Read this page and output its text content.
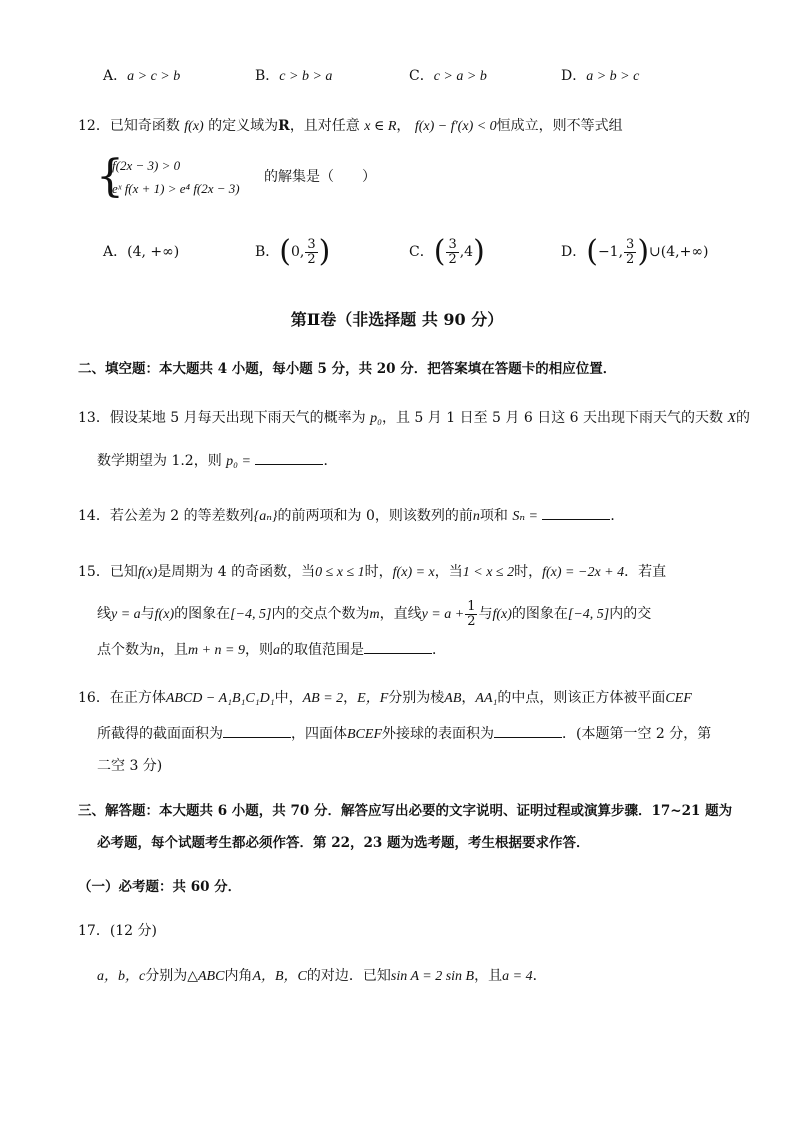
A．a > c > b	B．c > b > a	C．c > a > b	D．a > b > c
12．已知奇函数 f(x) 的定义域为R，且对任意 x ∈ R， f(x) − f′(x) < 0恒成立，则不等式组
{
f(2x − 3) > 0
eˣ f(x + 1) > e⁴ f(2x − 3)
的解集是（　　）
A．(4, +∞)	B．(0, $\frac{3}{2}$ )	C．( $\frac{3}{2} ,4$)	D．(−1, $\frac{3}{2}$ )∪(4,+∞)
第Ⅱ卷（非选择题 共 90 分）
二、填空题：本大题共 4 小题，每小题 5 分，共 20 分．把答案填在答题卡的相应位置．
13．假设某地 5 月每天出现下雨天气的概率为 p₀，且 5 月 1 日至 5 月 6 日这 6 天出现下雨天气的天数 X的
数学期望为 1.2，则 p₀ =	．
14．若公差为 2 的等差数列{aₙ}的前两项和为 0，则该数列的前n项和 Sₙ =	．
15．已知f(x)是周期为 4 的奇函数，当0 ≤ x ≤ 1时，f(x) = x，当1 < x ≤ 2时，f(x) = −2x + 4．若直
线y = a与f(x)的图象在[−4, 5]内的交点个数为m，直线$y = a + \frac{1}{2}$ 与f(x)的图象在[−4, 5]内的交
点个数为n，且m + n = 9，则a的取值范围是	．
16．在正方体ABCD − A₁B₁C₁D₁中，AB = 2，E，F分别为棱AB，AA₁的中点，则该正方体被平面CEF
所截得的截面面积为	，四面体BCEF外接球的表面积为	．(本题第一空 2 分，第
二空 3 分)
三、解答题：本大题共 6 小题，共 70 分．解答应写出必要的文字说明、证明过程或演算步骤．17~21 题为
必考题，每个试题考生都必须作答．第 22，23 题为选考题，考生根据要求作答．
（一）必考题：共 60 分．
17．(12 分)
a，b，c分别为△ABC内角A，B，C的对边．已知sin A = 2 sin B，且a = 4．
